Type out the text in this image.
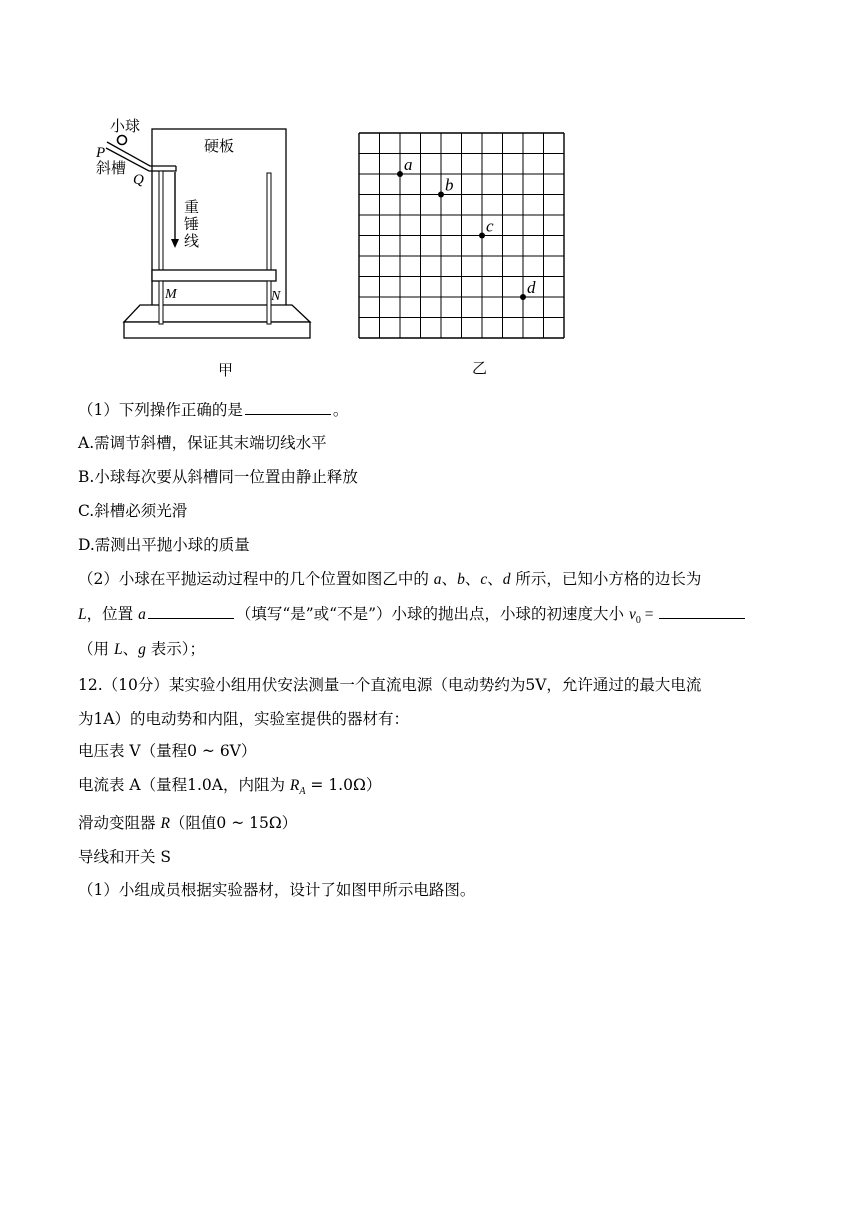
小球
硬板
P
斜槽
Q
重
锤
线
M	N
甲
a
b
c
d
乙
（1）下列操作正确的是	。
A.需调节斜槽，保证其末端切线水平
B.小球每次要从斜槽同一位置由静止释放
C.斜槽必须光滑
D.需测出平抛小球的质量
（2）小球在平抛运动过程中的几个位置如图乙中的 a、b、c、d 所示，已知小方格的边长为
L，位置 a	（填写“是”或“不是”）小球的抛出点，小球的初速度大小 $v_0$ =
（用 L、g 表示）；
12.（10分）某实验小组用伏安法测量一个直流电源（电动势约为5V，允许通过的最大电流
为1A）的电动势和内阻，实验室提供的器材有：
电压表 V（量程0 ~ 6V）
电流表 A（量程1.0A，内阻为 $R_A = 1.0\Omega$）
滑动变阻器 R（阻值0 ~ 15Ω）
导线和开关 S
（1）小组成员根据实验器材，设计了如图甲所示电路图。
